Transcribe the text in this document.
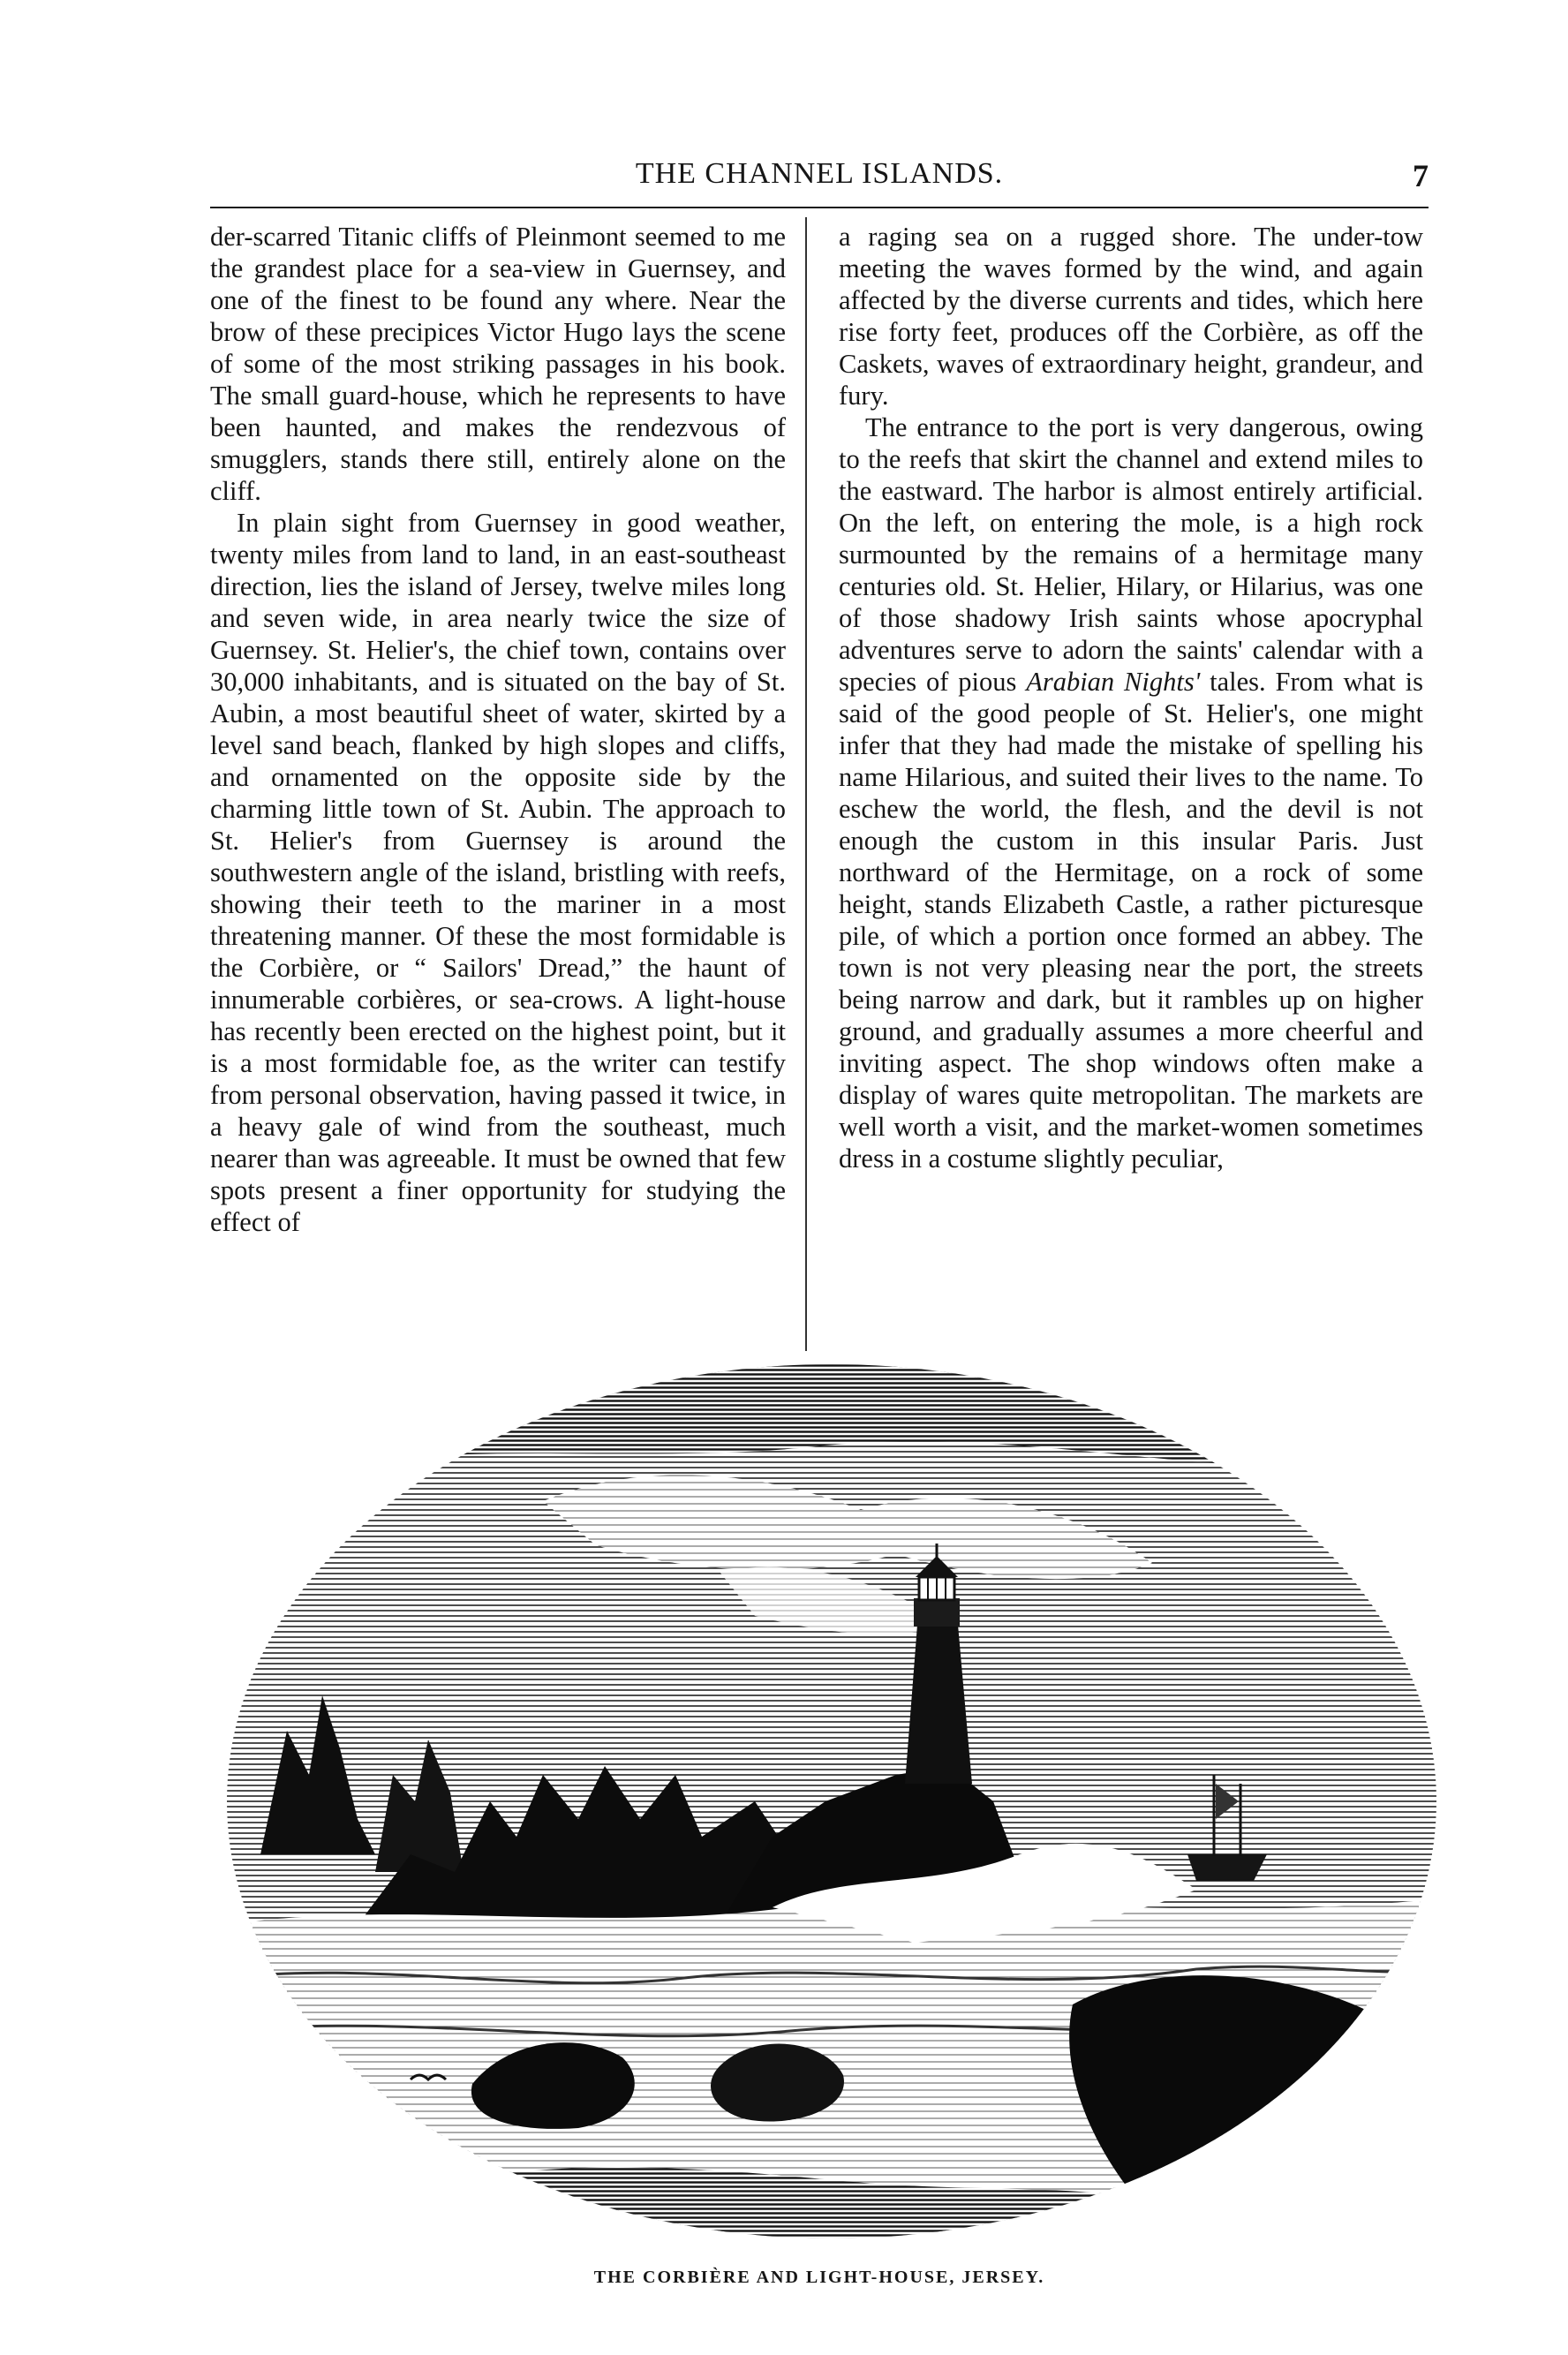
THE CHANNEL ISLANDS.	7

der-scarred Titanic cliffs of Pleinmont seemed to me the grandest place for a sea-view in Guernsey, and one of the finest to be found any where. Near the brow of these precipices Victor Hugo lays the scene of some of the most striking passages in his book. The small guard-house, which he represents to have been haunted, and makes the rendezvous of smugglers, stands there still, entirely alone on the cliff.

In plain sight from Guernsey in good weather, twenty miles from land to land, in an east-southeast direction, lies the island of Jersey, twelve miles long and seven wide, in area nearly twice the size of Guernsey. St. Helier's, the chief town, contains over 30,000 inhabitants, and is situated on the bay of St. Aubin, a most beautiful sheet of water, skirted by a level sand beach, flanked by high slopes and cliffs, and ornamented on the opposite side by the charming little town of St. Aubin. The approach to St. Helier's from Guernsey is around the southwestern angle of the island, bristling with reefs, showing their teeth to the mariner in a most threatening manner. Of these the most formidable is the Corbière, or “ Sailors' Dread,” the haunt of innumerable corbières, or sea-crows. A light-house has recently been erected on the highest point, but it is a most formidable foe, as the writer can testify from personal observation, having passed it twice, in a heavy gale of wind from the southeast, much nearer than was agreeable. It must be owned that few spots present a finer opportunity for studying the effect of

a raging sea on a rugged shore. The under-tow meeting the waves formed by the wind, and again affected by the diverse currents and tides, which here rise forty feet, produces off the Corbière, as off the Caskets, waves of extraordinary height, grandeur, and fury.

The entrance to the port is very dangerous, owing to the reefs that skirt the channel and extend miles to the eastward. The harbor is almost entirely artificial. On the left, on entering the mole, is a high rock surmounted by the remains of a hermitage many centuries old. St. Helier, Hilary, or Hilarius, was one of those shadowy Irish saints whose apocryphal adventures serve to adorn the saints' calendar with a species of pious Arabian Nights' tales. From what is said of the good people of St. Helier's, one might infer that they had made the mistake of spelling his name Hilarious, and suited their lives to the name. To eschew the world, the flesh, and the devil is not enough the custom in this insular Paris. Just northward of the Hermitage, on a rock of some height, stands Elizabeth Castle, a rather picturesque pile, of which a portion once formed an abbey. The town is not very pleasing near the port, the streets being narrow and dark, but it rambles up on higher ground, and gradually assumes a more cheerful and inviting aspect. The shop windows often make a display of wares quite metropolitan. The markets are well worth a visit, and the market-women sometimes dress in a costume slightly peculiar,

THE CORBIÈRE AND LIGHT-HOUSE, JERSEY.
